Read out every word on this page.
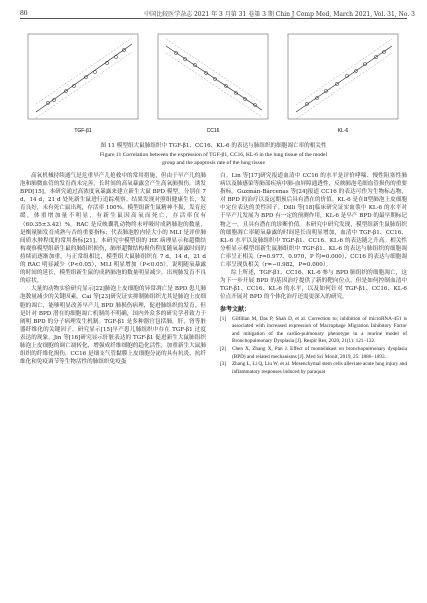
80	中国比较医学杂志 2021 年 3 月第 31 卷第 3 期 Chin J Comp Med, March 2021, Vol. 31, No. 3
TGF-β1	CC16	KL-6
图 11 模型组大鼠肺组织中 TGF-β1、CC16、KL-6 的表达与肺组织的细胞凋亡率的相关性
Figure 11 Correlation between the expression of TGF-β1, CC16, KL-6 in the lung tissue of the model
group and the apoptosis rate of the lung tissue

高氧机械持续通气是危重早产儿抢救中的常用措施，但由于早产儿的肺泡和肺微血管的发育尚未完善，长时间的高氧暴露会产生高氧肺损伤，诱发 BPD[15]。本研究通过高浓度氧暴露来建立新生大鼠 BPD 模型，分别在 7 d，14 d，21 d 处死新生鼠进行追踪观察。结果发现对照组健康生长，发育良好，未有死亡鼠出现，存活率 100%。模型组新生鼠精神不振，发育迟缓，体重增加量不明显，有新生鼠因高氧而死亡，存活率仅有（60.35±3.42）%。RAC 是反映囊乳动物终末呼吸时成熟肺泡的数量，是衡量肺发育成熟与否的重要指标；代表肺泡腔内径大小的 MLI 是评价肺间质水肿程度的常用指标[21]。本研究中模型组的 HE 病理显示和超微结构观察模型组新生鼠的肺组织损伤，肺形超微结构损伤程度随氧暴露时间的持续而逐渐加重。与正常组相比，模型组大鼠肺组织在 7 d，14 d，21 d 的 RAC 明显减少（P<0.05），MLI 明显增加（P<0.05），说明随氧暴露的时间的延长，模型组新生鼠的成熟肺泡的数量明显减少，出现肺发育不良的症状。

大量的动物实验研究显示[22]肺泡上皮细胞的异常凋亡是 BPD 患儿肺泡数量减少的关键因素。Cai 等[23]研究证实抑制肺组织尤其是肺泡上皮细胞的凋亡，能够明显改善早产儿 BPD 肺损伤病理，促进肺组织的发育。但是针对 BPD 潜在的细胞凋亡机制尚不明确，国内外众多的研究学者致力于阐明 BPD 的分子病理发生机制。TGF-β1 是多种器官包括肺，肝，肾等脏器纤维化的关键因子。研究显示[15]早产患儿肺组织中存在 TGF-β1 过度表达的现象。Jin 等[16]研究显示肝脏表达的 TGF-β1 促进新生大鼠肺组织肺泡上皮细胞的调亡凋转化，增强成纤维细胞的趋化活性，加重新生大鼠肺组织的纤维化损伤。CC16 是细支气管黏膜上皮细胞分泌的具有抗炎、抗纤维化和免疫调节等生物活性的肺组织免疫蛋

白。Lin 等[17]研究报道血清中 CC16 的水平是评价哮喘、慢性阻塞性肺病以及肺感染等肺部疾病中肺-血屏障通透性，反映肺泡毛细血管损伤的重要指标。Guzmán-Bárcenas 等[24]报道 CC16 的表达可作为生物标志物，对 BPD 的治疗以及远期预后具有潜在的价值。KL-6 是在Ⅱ型肺泡上皮细胞中定位表达的美性因子。Dilli 等[18]临床研究证实血浆中 KL-6 的水平对于早产儿发展为 BPD 有一定的预测作用，KL-6 是早产 BPD 的最早期标记物之一，且具有潜在的诊断价值。本研究中研究发现，模型组新生鼠肺组织的细胞凋亡率随氧暴露的时间延长而明显增加，血清中 TGF-β1、CC16、KL-6 水平以及肺组织中 TGF-β1、CC16、KL-6 的表达随之升高。相关性分析显示模型组新生鼠肺组织中 TGF-β1、KL-6 的表达与肺组织的细胞凋亡率呈正相关（r=0.977、0.970，P 均=0.000），CC16 的表达与细胞凋亡率呈现负相关（r=−0.982，P=0.000）。

综上所述，TGF-β1、CC16、KL-6 参与 BPD 肺组织的细胞凋亡，这为下一步开展 BPD 的基因治疗提供了新的靶向位点，但是如何控制血清中 TGF-β1、CC16、KL-6 的水平，以及如何针对 TGF-β1、CC16、KL-6 位点开展对 BPD 的个体化治疗还需更深入的研究。

参考文献：
[1]	Gilfillan M, Das P, Shah D, et al. Correction to; inhibition of microRNA-451 is associated with increased expression of Macrophage Migration Inhibitory Factor and mitigation of the cardio-pulmonary phenotype in a murine model of Bronchopulmonary Dysplasia [J]. Respir Res, 2020, 21(1): 121−132.
[2]	Chen X, Zhang X, Pan J. Effect of montelukast on bronchopulmonary dysplasia (BPD) and related mechanisms [J]. Med Sci Monit, 2019, 25: 1886−1893.
[3]	Zhang L, Li Q, Liu W, et al. Mesenchymal stem cells alleviate acute lung injury and inflammatory responses induced by paraquat
